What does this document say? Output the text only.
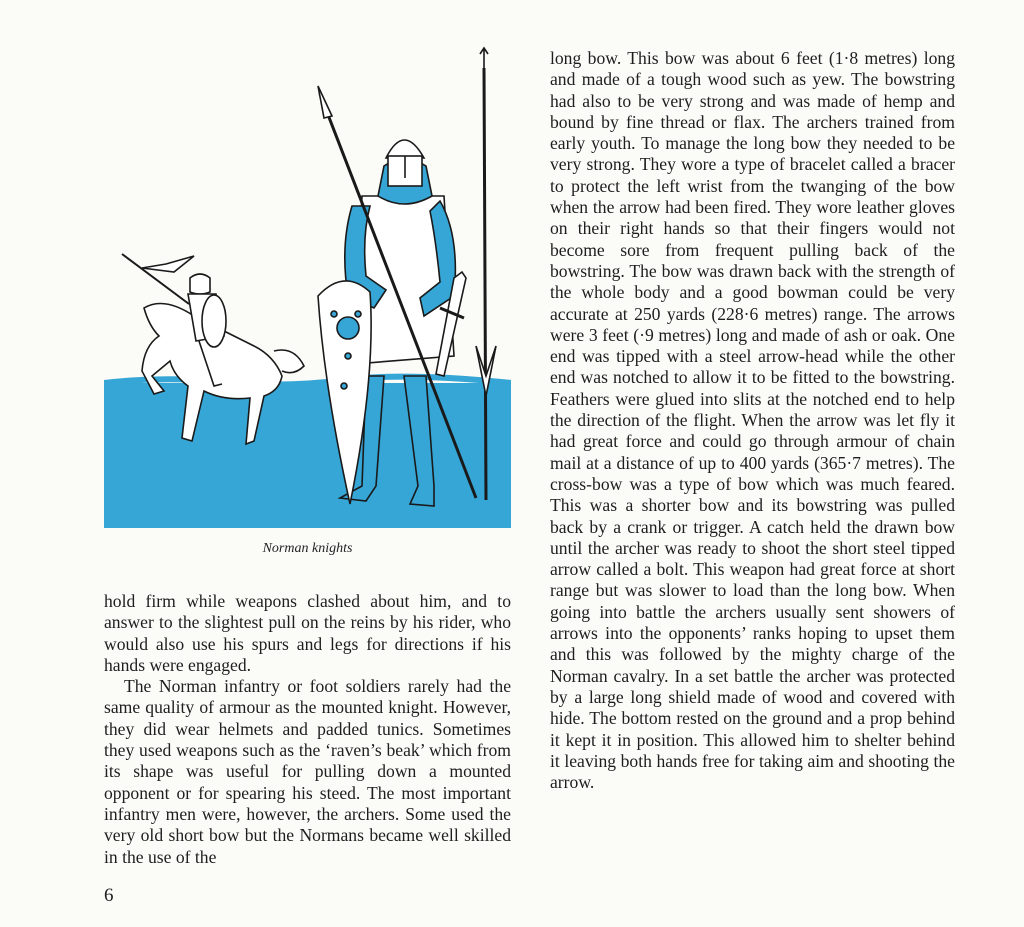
Norman knights

hold firm while weapons clashed about him, and to answer to the slightest pull on the reins by his rider, who would also use his spurs and legs for directions if his hands were engaged.

The Norman infantry or foot soldiers rarely had the same quality of armour as the mounted knight. However, they did wear helmets and padded tunics. Sometimes they used weapons such as the ‘raven’s beak’ which from its shape was useful for pulling down a mounted opponent or for spearing his steed. The most important infantry men were, however, the archers. Some used the very old short bow but the Normans became well skilled in the use of the

long bow. This bow was about 6 feet (1·8 metres) long and made of a tough wood such as yew. The bowstring had also to be very strong and was made of hemp and bound by fine thread or flax. The archers trained from early youth. To manage the long bow they needed to be very strong. They wore a type of bracelet called a bracer to protect the left wrist from the twanging of the bow when the arrow had been fired. They wore leather gloves on their right hands so that their fingers would not become sore from frequent pulling back of the bowstring. The bow was drawn back with the strength of the whole body and a good bowman could be very accurate at 250 yards (228·6 metres) range. The arrows were 3 feet (·9 metres) long and made of ash or oak. One end was tipped with a steel arrow-head while the other end was notched to allow it to be fitted to the bowstring. Feathers were glued into slits at the notched end to help the direction of the flight. When the arrow was let fly it had great force and could go through armour of chain mail at a distance of up to 400 yards (365·7 metres). The cross-bow was a type of bow which was much feared. This was a shorter bow and its bowstring was pulled back by a crank or trigger. A catch held the drawn bow until the archer was ready to shoot the short steel tipped arrow called a bolt. This weapon had great force at short range but was slower to load than the long bow. When going into battle the archers usually sent showers of arrows into the opponents’ ranks hoping to upset them and this was followed by the mighty charge of the Norman cavalry. In a set battle the archer was protected by a large long shield made of wood and covered with hide. The bottom rested on the ground and a prop behind it kept it in position. This allowed him to shelter behind it leaving both hands free for taking aim and shooting the arrow.

6
